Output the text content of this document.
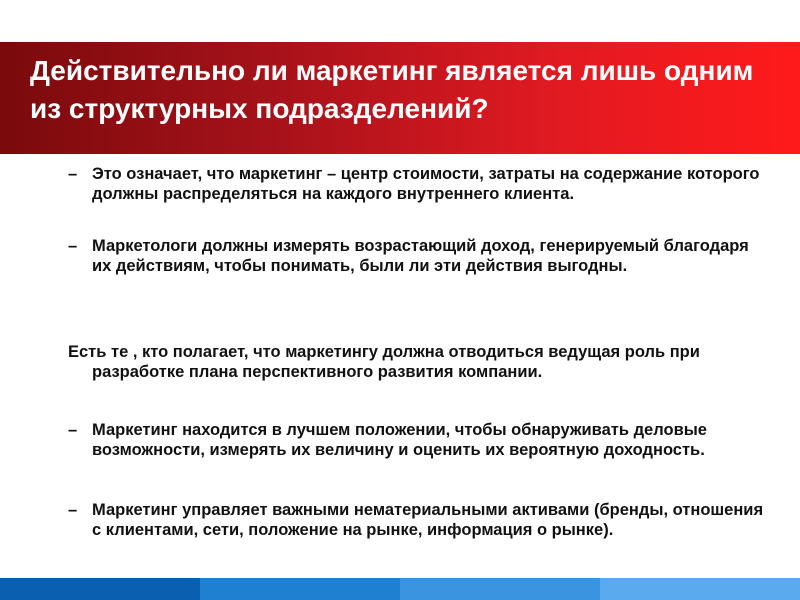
Действительно ли маркетинг является лишь одним из структурных подразделений?
– Это означает, что маркетинг – центр стоимости, затраты на содержание которого должны распределяться на каждого внутреннего клиента.
– Маркетологи должны измерять возрастающий доход, генерируемый благодаря их действиям, чтобы понимать, были ли эти действия выгодны.
Есть те , кто полагает, что маркетингу должна отводиться ведущая роль при разработке плана перспективного развития компании.
– Маркетинг находится в лучшем положении, чтобы обнаруживать деловые возможности, измерять их величину и оценить их вероятную доходность.
– Маркетинг управляет важными нематериальными активами (бренды, отношения с клиентами, сети, положение на рынке, информация о рынке).
